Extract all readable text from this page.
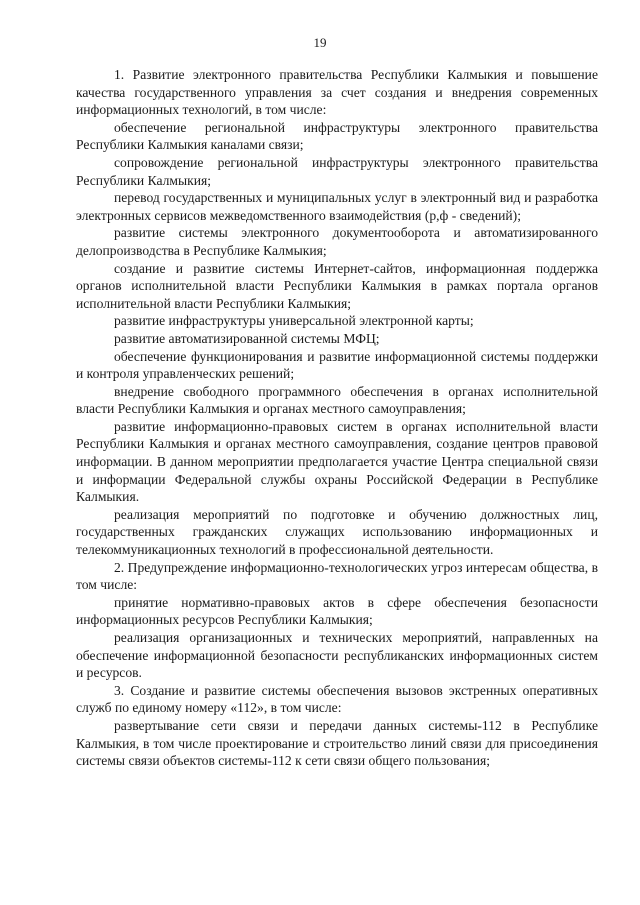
19

1. Развитие электронного правительства Республики Калмыкия и повышение качества государственного управления за счет создания и внедрения современных информационных технологий, в том числе:

обеспечение региональной инфраструктуры электронного правительства Республики Калмыкия каналами связи;

сопровождение региональной инфраструктуры электронного правительства Республики Калмыкия;

перевод государственных и муниципальных услуг в электронный вид и разработка электронных сервисов межведомственного взаимодействия (р,ф - сведений);

развитие системы электронного документооборота и автоматизированного делопроизводства в Республике Калмыкия;

создание и развитие системы Интернет-сайтов, информационная поддержка органов исполнительной власти Республики Калмыкия в рамках портала органов исполнительной власти Республики Калмыкия;

развитие инфраструктуры универсальной электронной карты;

развитие автоматизированной системы МФЦ;

обеспечение функционирования и развитие информационной системы поддержки и контроля управленческих решений;

внедрение свободного программного обеспечения в органах исполнительной власти Республики Калмыкия и органах местного самоуправления;

развитие информационно-правовых систем в органах исполнительной власти Республики Калмыкия и органах местного самоуправления, создание центров правовой информации. В данном мероприятии предполагается участие Центра специальной связи и информации Федеральной службы охраны Российской Федерации в Республике Калмыкия.

реализация мероприятий по подготовке и обучению должностных лиц, государственных гражданских служащих использованию информационных и телекоммуникационных технологий в профессиональной деятельности.

2. Предупреждение информационно-технологических угроз интересам общества, в том числе:

принятие нормативно-правовых актов в сфере обеспечения безопасности информационных ресурсов Республики Калмыкия;

реализация организационных и технических мероприятий, направленных на обеспечение информационной безопасности республиканских информационных систем и ресурсов.

3. Создание и развитие системы обеспечения вызовов экстренных оперативных служб по единому номеру «112», в том числе:

развертывание сети связи и передачи данных системы-112 в Республике Калмыкия, в том числе проектирование и строительство линий связи для присоединения системы связи объектов системы-112 к сети связи общего пользования;
